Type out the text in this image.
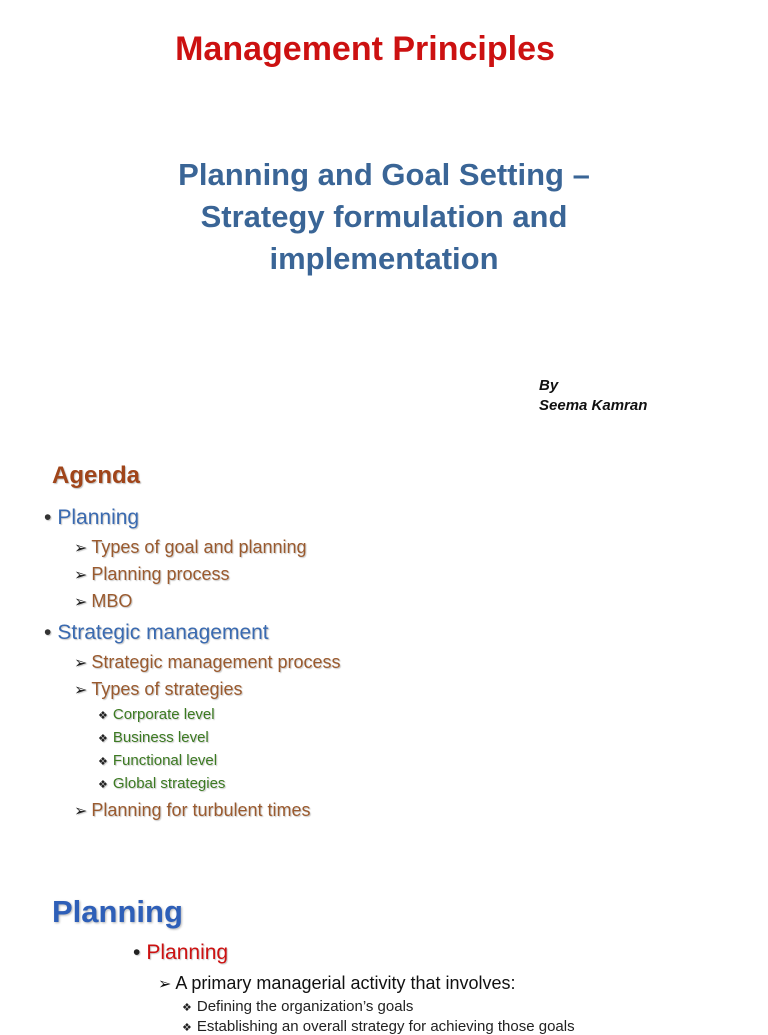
Management Principles
Planning and Goal Setting –
Strategy formulation and
implementation
By
Seema Kamran
Agenda
• Planning
➢ Types of goal and planning
➢ Planning process
➢ MBO
• Strategic management
➢ Strategic management process
➢ Types of strategies
❖ Corporate level
❖ Business level
❖ Functional level
❖ Global strategies
➢ Planning for turbulent times
Planning
• Planning
➢ A primary managerial activity that involves:
❖ Defining the organization’s goals
❖ Establishing an overall strategy for achieving those goals
